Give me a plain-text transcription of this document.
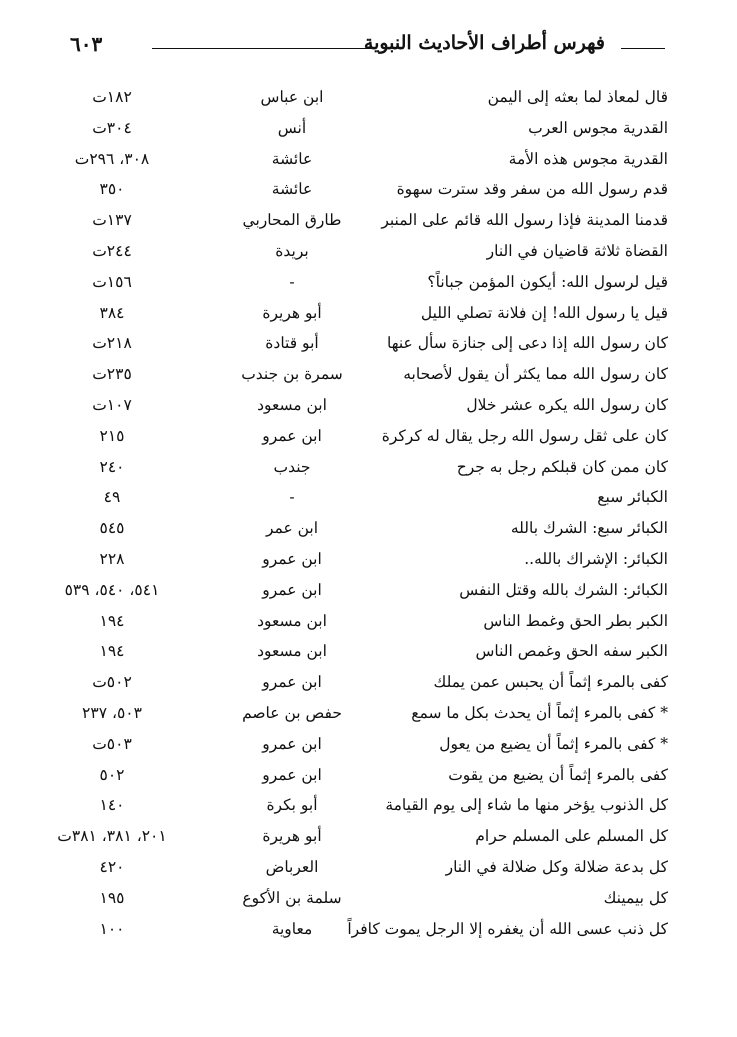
فهرس أطراف الأحاديث النبوية
٦٠٣
قال لمعاذ لما بعثه إلى اليمن
ابن عباس
١٨٢ت
القدرية مجوس العرب
أنس
٣٠٤ت
القدرية مجوس هذه الأمة
عائشة
٣٠٨، ٢٩٦ت
قدم رسول الله من سفر وقد سترت سهوة
عائشة
٣٥٠
قدمنا المدينة فإذا رسول الله قائم على المنبر
طارق المحاربي
١٣٧ت
القضاة ثلاثة قاضيان في النار
بريدة
٢٤٤ت
قيل لرسول الله: أيكون المؤمن جباناً؟
-
١٥٦ت
قيل يا رسول الله! إن فلانة تصلي الليل
أبو هريرة
٣٨٤
كان رسول الله إذا دعى إلى جنازة سأل عنها
أبو قتادة
٢١٨ت
كان رسول الله مما يكثر أن يقول لأصحابه
سمرة بن جندب
٢٣٥ت
كان رسول الله يكره عشر خلال
ابن مسعود
١٠٧ت
كان على ثقل رسول الله رجل يقال له كركرة
ابن عمرو
٢١٥
كان ممن كان قبلكم رجل به جرح
جندب
٢٤٠
الكبائر سبع
-
٤٩
الكبائر سبع: الشرك بالله
ابن عمر
٥٤٥
الكبائر: الإشراك بالله..
ابن عمرو
٢٢٨
الكبائر: الشرك بالله وقتل النفس
ابن عمرو
٥٤١، ٥٤٠، ٥٣٩
الكبر بطر الحق وغمط الناس
ابن مسعود
١٩٤
الكبر سفه الحق وغمص الناس
ابن مسعود
١٩٤
كفى بالمرء إثماً أن يحبس عمن يملك
ابن عمرو
٥٠٢ت
* كفى بالمرء إثماً أن يحدث بكل ما سمع
حفص بن عاصم
٥٠٣، ٢٣٧
* كفى بالمرء إثماً أن يضيع من يعول
ابن عمرو
٥٠٣ت
كفى بالمرء إثماً أن يضيع من يقوت
ابن عمرو
٥٠٢
كل الذنوب يؤخر منها ما شاء إلى يوم القيامة
أبو بكرة
١٤٠
كل المسلم على المسلم حرام
أبو هريرة
٢٠١، ٣٨١، ٣٨١ت
كل بدعة ضلالة وكل ضلالة في النار
العرباض
٤٢٠
كل بيمينك
سلمة بن الأكوع
١٩٥
كل ذنب عسى الله أن يغفره إلا الرجل يموت كافراً
معاوية
١٠٠
